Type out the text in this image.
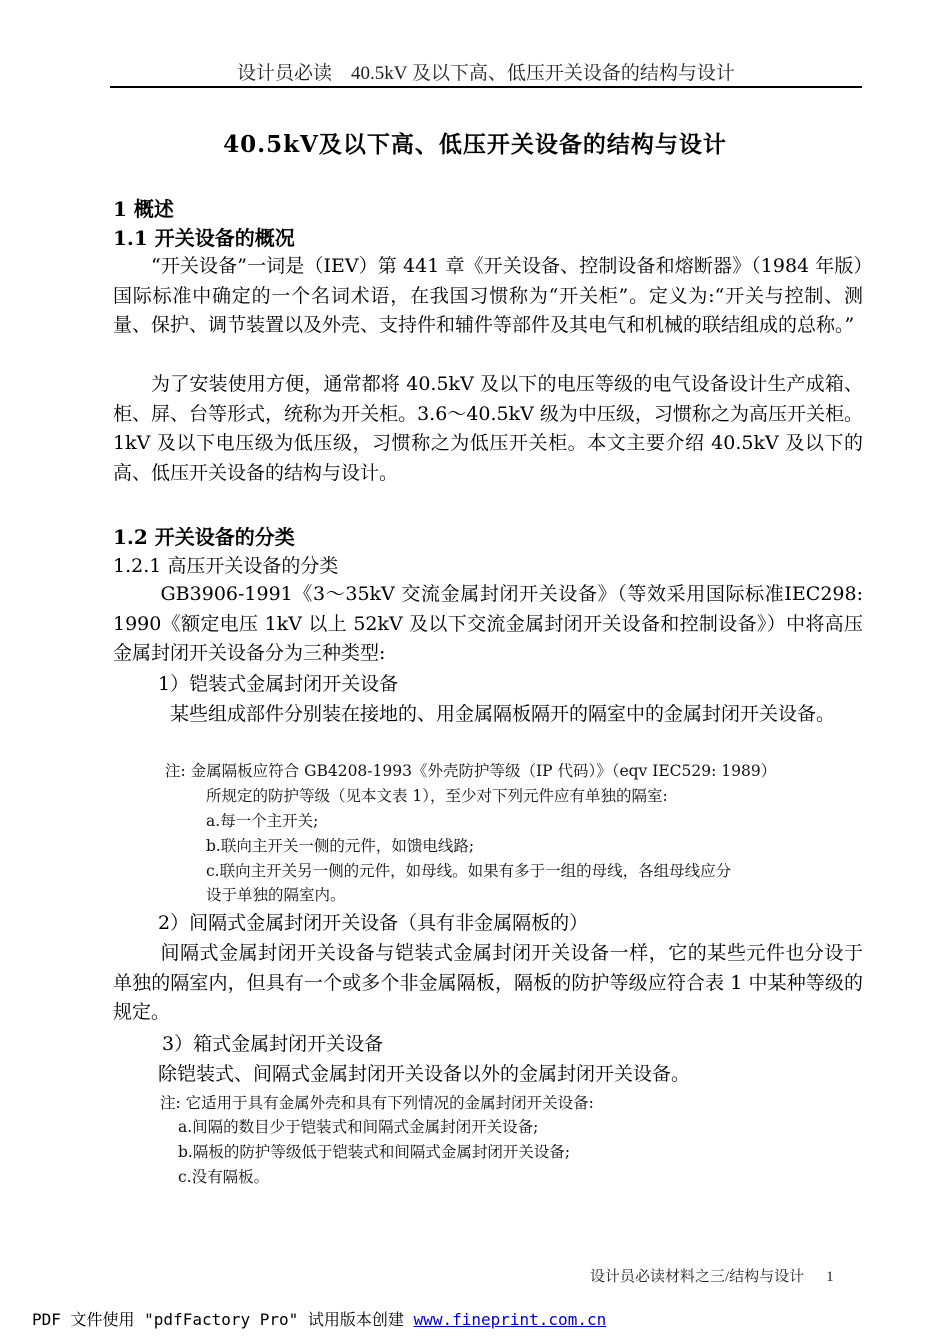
设计员必读　40.5kV 及以下高、低压开关设备的结构与设计
40.5kV及以下高、低压开关设备的结构与设计
1 概述
1.1 开关设备的概况
“开关设备”一词是（IEV）第 441 章《开关设备、控制设备和熔断器》（1984 年版）国际标准中确定的一个名词术语，在我国习惯称为“开关柜”。定义为:“开关与控制、测量、保护、调节装置以及外壳、支持件和辅件等部件及其电气和机械的联结组成的总称。”
为了安装使用方便，通常都将 40.5kV 及以下的电压等级的电气设备设计生产成箱、柜、屏、台等形式，统称为开关柜。3.6～40.5kV 级为中压级，习惯称之为高压开关柜。1kV 及以下电压级为低压级，习惯称之为低压开关柜。本文主要介绍 40.5kV 及以下的高、低压开关设备的结构与设计。
1.2 开关设备的分类
1.2.1 高压开关设备的分类
GB3906-1991《3～35kV 交流金属封闭开关设备》（等效采用国际标准IEC298: 1990《额定电压 1kV 以上 52kV 及以下交流金属封闭开关设备和控制设备》）中将高压金属封闭开关设备分为三种类型:
1）铠装式金属封闭开关设备
某些组成部件分别装在接地的、用金属隔板隔开的隔室中的金属封闭开关设备。
注: 金属隔板应符合 GB4208-1993《外壳防护等级（IP 代码）》（eqv IEC529: 1989）
所规定的防护等级（见本文表 1），至少对下列元件应有单独的隔室:
a.每一个主开关;
b.联向主开关一侧的元件，如馈电线路;
c.联向主开关另一侧的元件，如母线。如果有多于一组的母线，各组母线应分
设于单独的隔室内。
2）间隔式金属封闭开关设备（具有非金属隔板的）
间隔式金属封闭开关设备与铠装式金属封闭开关设备一样，它的某些元件也分设于单独的隔室内，但具有一个或多个非金属隔板，隔板的防护等级应符合表 1 中某种等级的规定。
3）箱式金属封闭开关设备
除铠装式、间隔式金属封闭开关设备以外的金属封闭开关设备。
注: 它适用于具有金属外壳和具有下列情况的金属封闭开关设备:
a.间隔的数目少于铠装式和间隔式金属封闭开关设备;
b.隔板的防护等级低于铠装式和间隔式金属封闭开关设备;
c.没有隔板。
设计员必读材料之三/结构与设计 1
PDF 文件使用 "pdfFactory Pro" 试用版本创建 www.fineprint.com.cn
